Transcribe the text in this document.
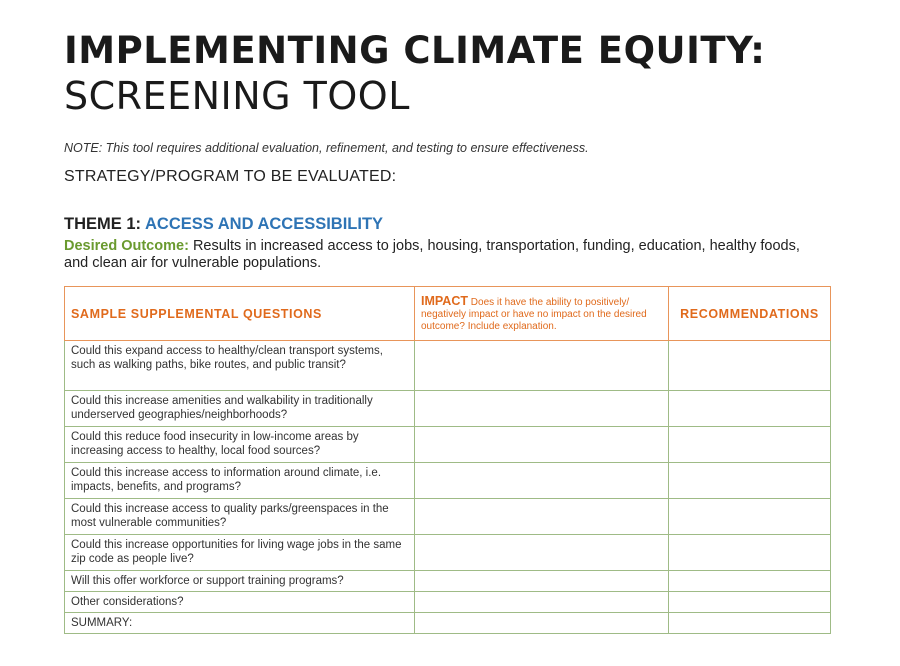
IMPLEMENTING CLIMATE EQUITY:
SCREENING TOOL
NOTE: This tool requires additional evaluation, refinement, and testing to ensure effectiveness.
STRATEGY/PROGRAM TO BE EVALUATED:
THEME 1: ACCESS AND ACCESSIBILITY
Desired Outcome: Results in increased access to jobs, housing, transportation, funding, education, healthy foods, and clean air for vulnerable populations.
SAMPLE SUPPLEMENTAL QUESTIONS	IMPACT Does it have the ability to positively/ negatively impact or have no impact on the desired outcome? Include explanation.	RECOMMENDATIONS
Could this expand access to healthy/clean transport systems, such as walking paths, bike routes, and public transit?		
Could this increase amenities and walkability in traditionally underserved geographies/neighborhoods?		
Could this reduce food insecurity in low-income areas by increasing access to healthy, local food sources?		
Could this increase access to information around climate, i.e. impacts, benefits, and programs?		
Could this increase access to quality parks/greenspaces in the most vulnerable communities?		
Could this increase opportunities for living wage jobs in the same zip code as people live?		
Will this offer workforce or support training programs?		
Other considerations?		
SUMMARY:		
